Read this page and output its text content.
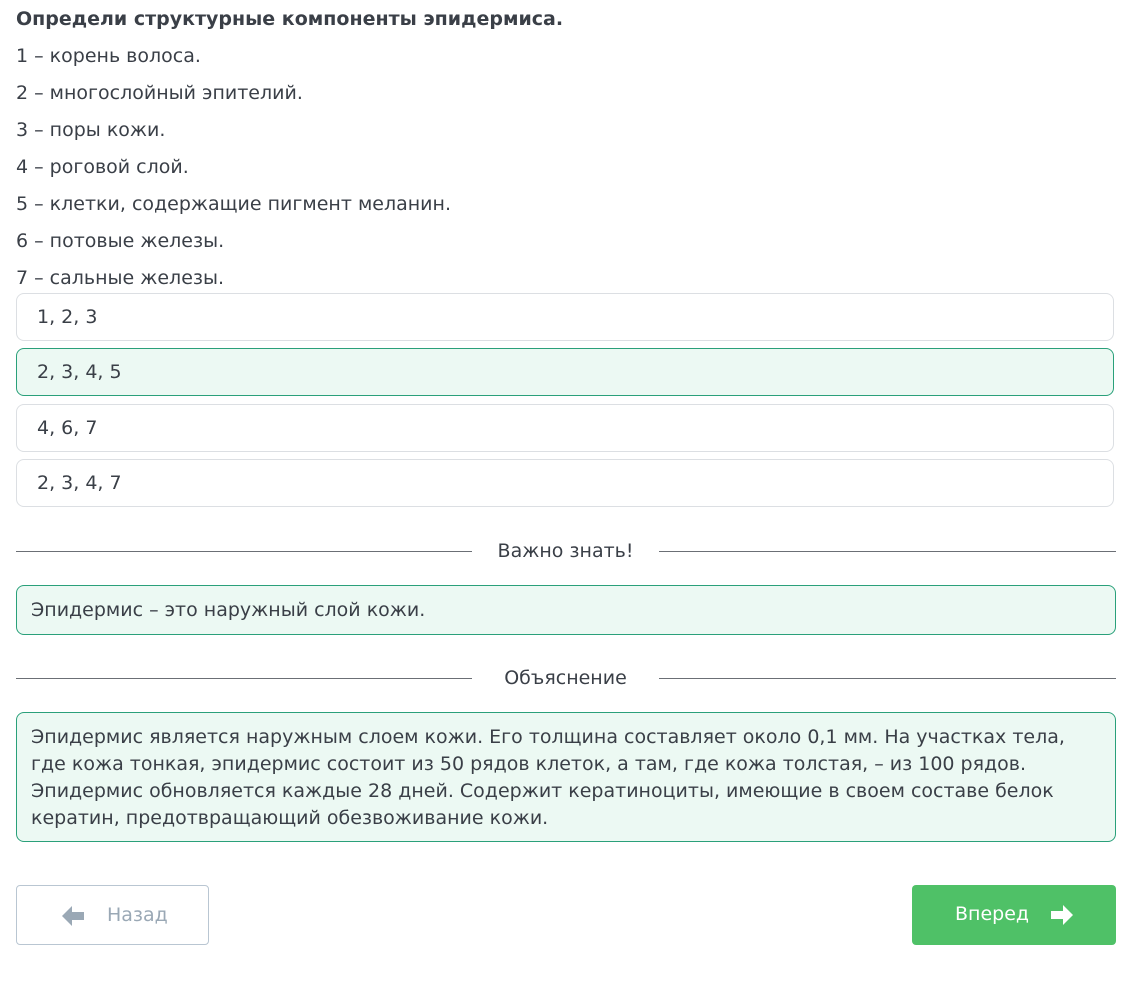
Определи структурные компоненты эпидермиса.
1 – корень волоса.
2 – многослойный эпителий.
3 – поры кожи.
4 – роговой слой.
5 – клетки, содержащие пигмент меланин.
6 – потовые железы.
7 – сальные железы.
1, 2, 3
2, 3, 4, 5
4, 6, 7
2, 3, 4, 7
Важно знать!
Эпидермис – это наружный слой кожи.
Объяснение
Эпидермис является наружным слоем кожи. Его толщина составляет около 0,1 мм. На участках тела, где кожа тонкая, эпидермис состоит из 50 рядов клеток, а там, где кожа толстая, – из 100 рядов. Эпидермис обновляется каждые 28 дней. Содержит кератиноциты, имеющие в своем составе белок кератин, предотвращающий обезвоживание кожи.
Назад	Вперед
